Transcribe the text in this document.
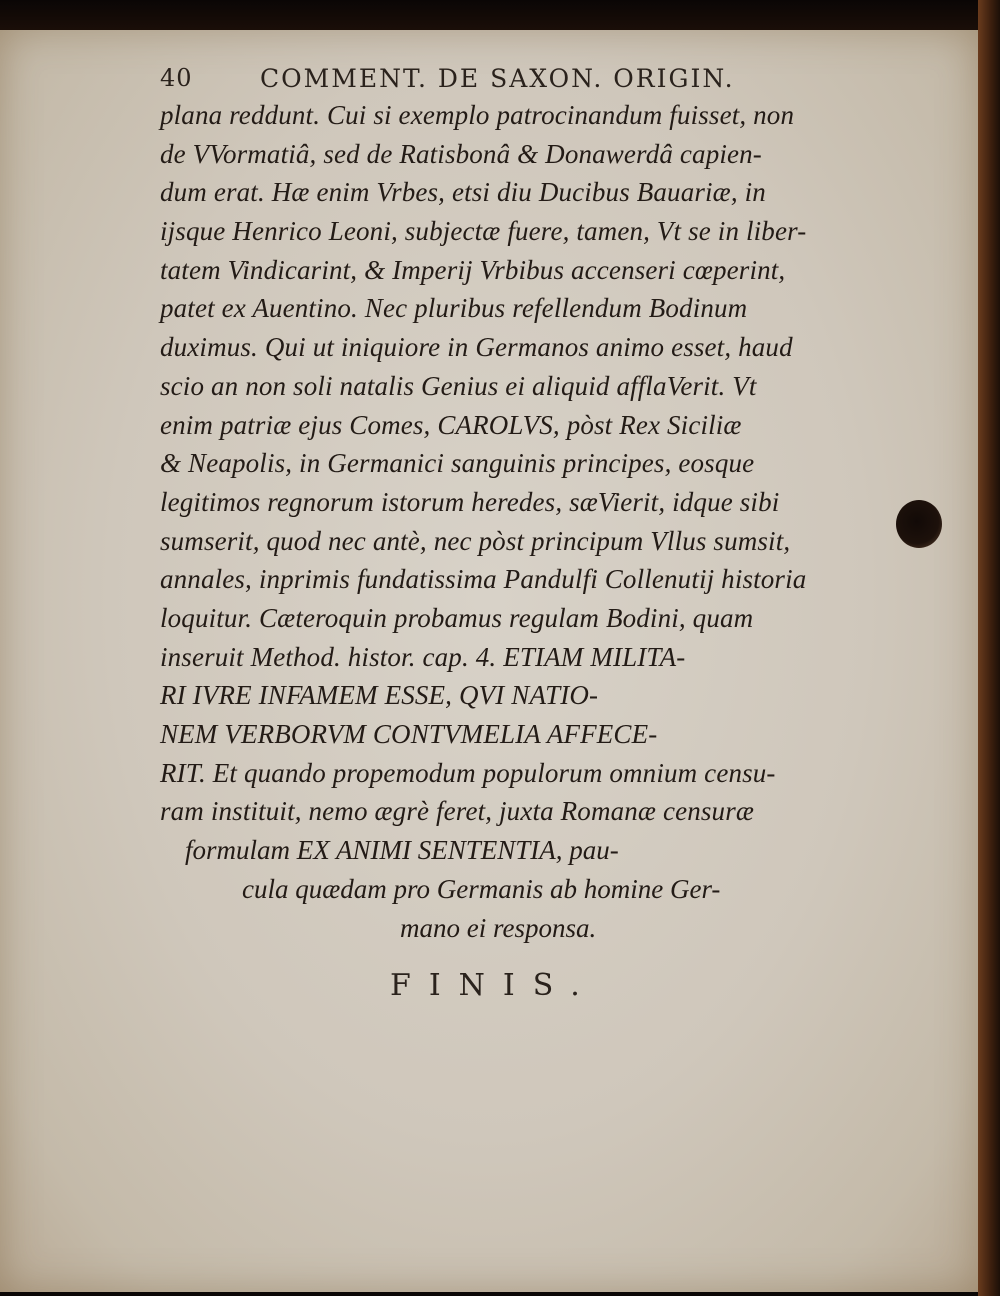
40	COMMENT. DE SAXON. ORIGIN.
plana reddunt. Cui si exemplo patrocinandum fuisset, non
de VVormatiâ, sed de Ratisbonâ & Donawerdâ capien-
dum erat. Hæ enim Vrbes, etsi diu Ducibus Bauariæ, in
ijsque Henrico Leoni, subjectæ fuere, tamen, Vt se in liber-
tatem Vindicarint, & Imperij Vrbibus accenseri cœperint,
patet ex Auentino. Nec pluribus refellendum Bodinum
duximus. Qui ut iniquiore in Germanos animo esset, haud
scio an non soli natalis Genius ei aliquid afflaVerit. Vt
enim patriæ ejus Comes, CAROLVS, pòst Rex Siciliæ
& Neapolis, in Germanici sanguinis principes, eosque
legitimos regnorum istorum heredes, sæVierit, idque sibi
sumserit, quod nec antè, nec pòst principum Vllus sumsit,
annales, inprimis fundatissima Pandulfi Collenutij historia
loquitur. Cæteroquin probamus regulam Bodini, quam
inseruit Method. histor. cap. 4. ETIAM MILITA-
RI IVRE INFAMEM ESSE, QVI NATIO-
NEM VERBORVM CONTVMELIA AFFECE-
RIT. Et quando propemodum populorum omnium censu-
ram instituit, nemo ægrè feret, juxta Romanæ censuræ
formulam EX ANIMI SENTENTIA, pau-
cula quædam pro Germanis ab homine Ger-
mano ei responsa.
FINIS.
